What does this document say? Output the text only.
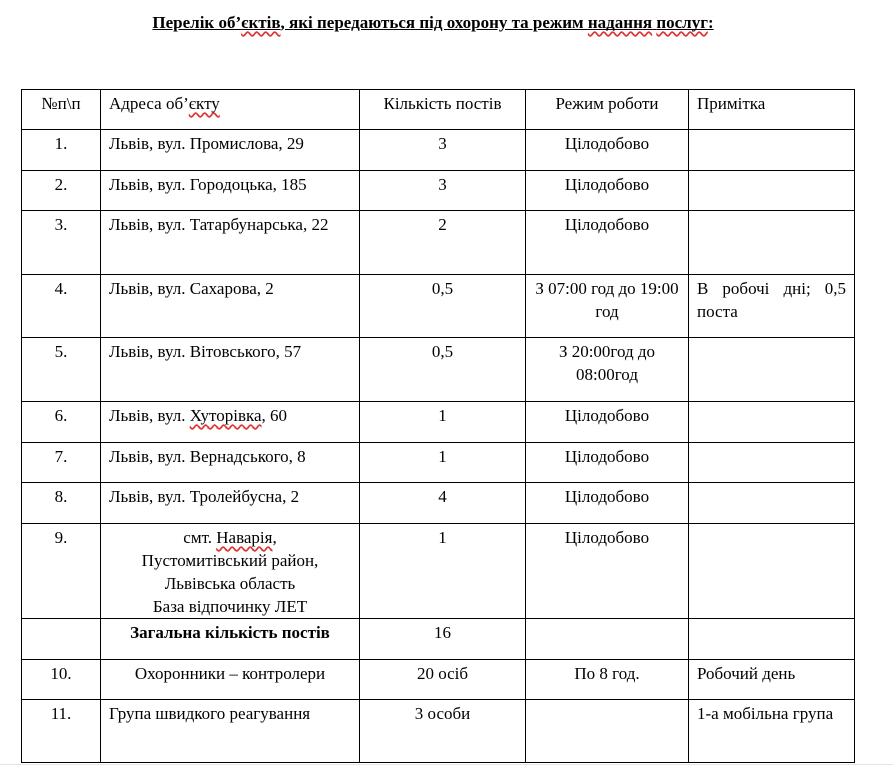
Перелік об’єктів, які передаються під охорону та режим надання послуг:
№п\п	Адреса об’єкту	Кількість постів	Режим роботи	Примітка
1.	Львів, вул. Промислова, 29	3	Цілодобово	
2.	Львів, вул. Городоцька, 185	3	Цілодобово	
3.	Львів, вул. Татарбунарська, 22	2	Цілодобово	
4.	Львів, вул. Сахарова, 2	0,5	З 07:00 год до 19:00 год	В робочі дні; 0,5 поста
5.	Львів, вул. Вітовського, 57	0,5	З 20:00год до 08:00год	
6.	Львів, вул. Хуторівка, 60	1	Цілодобово	
7.	Львів, вул. Вернадського, 8	1	Цілодобово	
8.	Львів, вул. Тролейбусна, 2	4	Цілодобово	
9.	смт. Наварія,
Пустомитівський район,
Львівська область
База відпочинку ЛЕТ	1	Цілодобово	
	Загальна кількість постів	16		
10.	Охоронники – контролери	20 осіб	По 8 год.	Робочий день
11.	Група швидкого реагування	3 особи		1-а мобільна група
